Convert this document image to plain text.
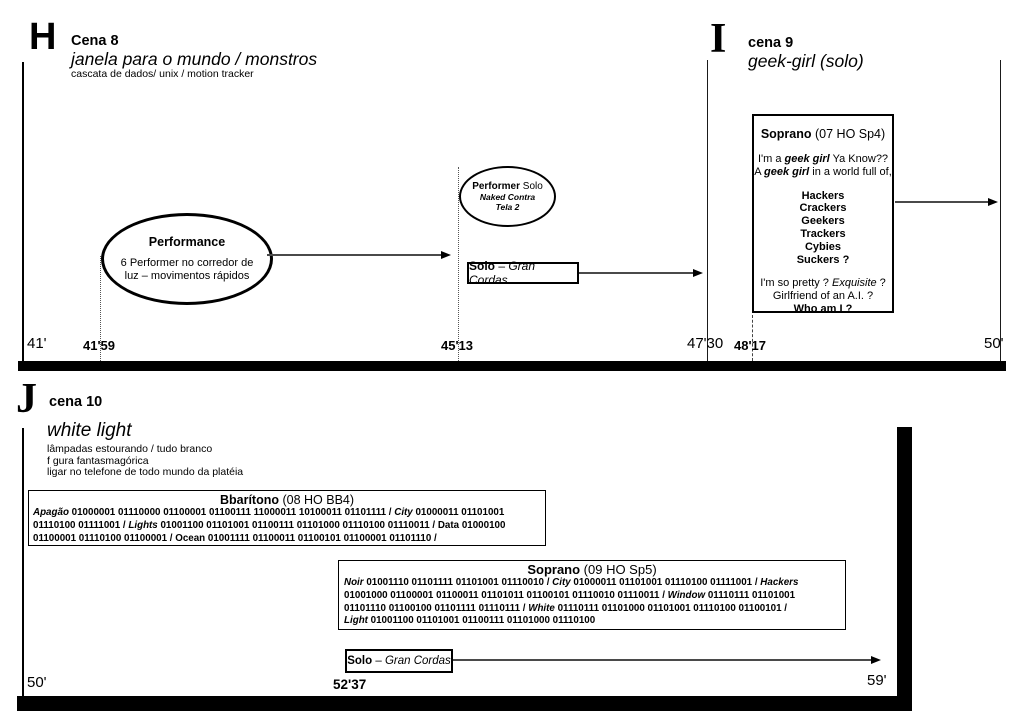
H Cena 8
janela para o mundo / monstros
cascata de dados/ unix / motion tracker
Performance
6 Performer no corredor de
luz – movimentos rápidos
Performer Solo
Naked Contra
Tela 2
Solo – Gran Cordas
41'	41'59	45'13	47'30 48'17	50'
I cena 9
geek-girl (solo)
Soprano (07 HO Sp4)
I'm a geek girl Ya Know??
A geek girl in a world full of,
Hackers
Crackers
Geekers
Trackers
Cybies
Suckers ?
I'm so pretty ? Exquisite ?
Girlfriend of an A.I. ?
Who am I ?
J cena 10
white light
lâmpadas estourando / tudo branco
f gura fantasmagórica
ligar no telefone de todo mundo da platéia
Bbarítono (08 HO BB4)
Apagão 01000001 01110000 01100001 01100111 11000011 10100011 01101111 / City 01000011 01101001
01110100 01111001 / Lights 01001100 01101001 01100111 01101000 01110100 01110011 / Data 01000100
01100001 01110100 01100001 / Ocean 01001111 01100011 01100101 01100001 01101110 /
Soprano (09 HO Sp5)
Noir 01001110 01101111 01101001 01110010 / City 01000011 01101001 01110100 01111001 / Hackers
01001000 01100001 01100011 01101011 01100101 01110010 01110011 / Window 01110111 01101001
01101110 01100100 01101111 01110111 / White 01110111 01101000 01101001 01110100 01100101 /
Light 01001100 01101001 01100111 01101000 01110100
Solo – Gran Cordas
50'	52'37	59'
